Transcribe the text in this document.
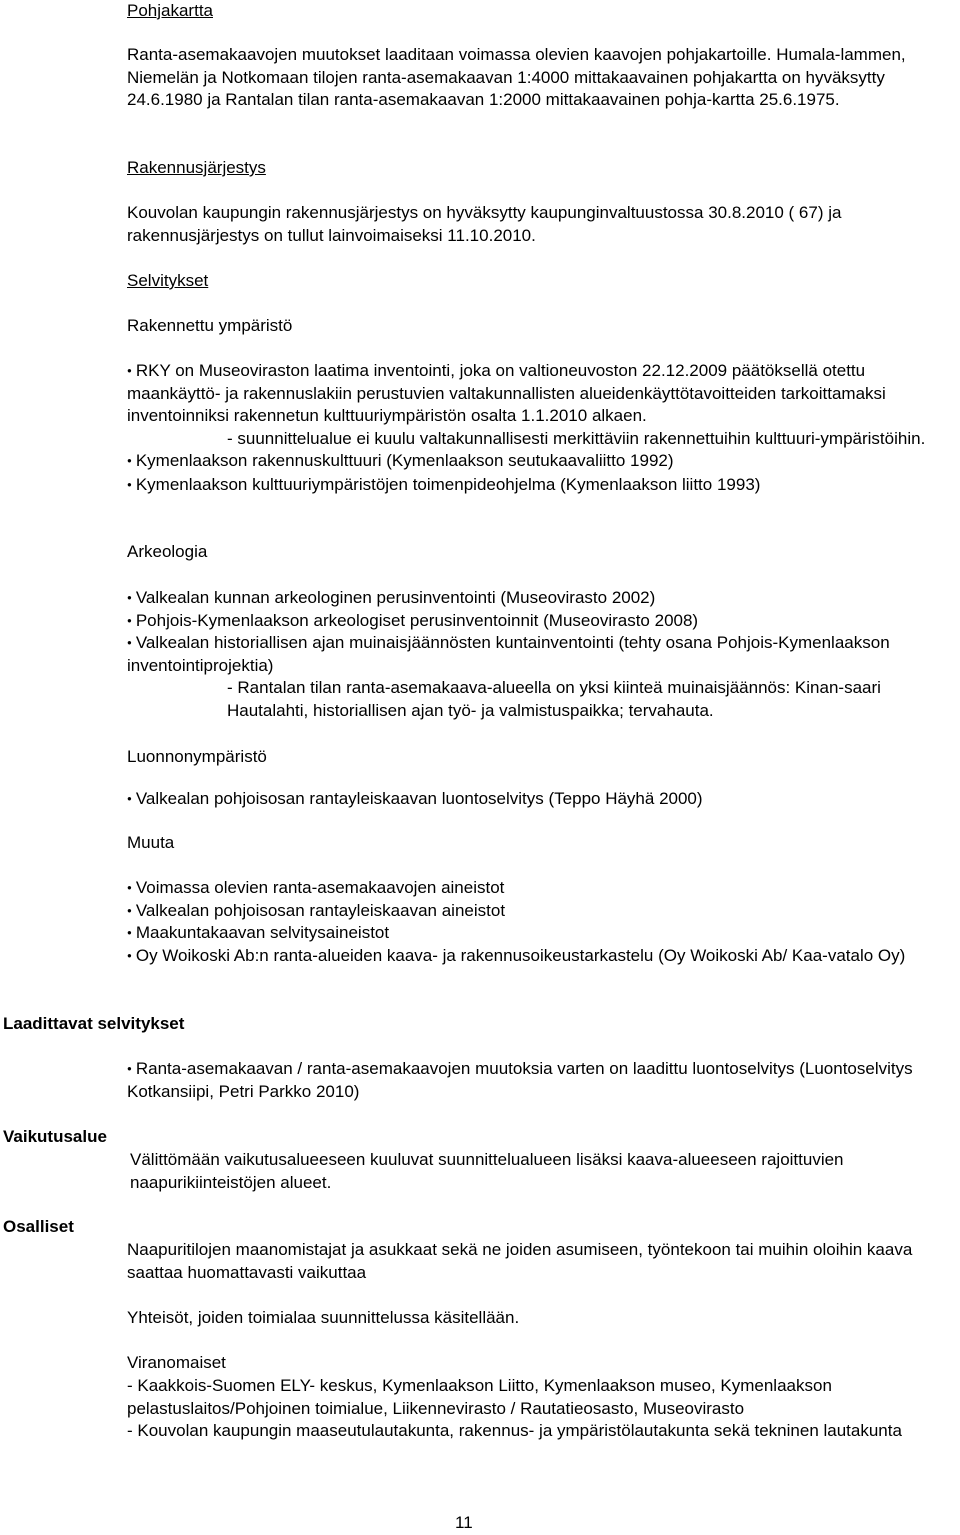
Pohjakartta
Ranta-asemakaavojen muutokset laaditaan voimassa olevien kaavojen pohjakartoille. Humala-lammen, Niemelän ja Notkomaan tilojen ranta-asemakaavan 1:4000 mittakaavainen pohjakartta on hyväksytty 24.6.1980 ja Rantalan tilan ranta-asemakaavan 1:2000 mittakaavainen pohja-kartta 25.6.1975.
Rakennusjärjestys
Kouvolan kaupungin rakennusjärjestys on hyväksytty kaupunginvaltuustossa 30.8.2010 ( 67) ja rakennusjärjestys on tullut lainvoimaiseksi 11.10.2010.
Selvitykset
Rakennettu ympäristö
● RKY on Museoviraston laatima inventointi, joka on valtioneuvoston 22.12.2009 päätöksellä otettu maankäyttö- ja rakennuslakiin perustuvien valtakunnallisten alueidenkäyttötavoitteiden tarkoittamaksi inventoinniksi rakennetun kulttuuriympäristön osalta 1.1.2010 alkaen.
- suunnittelualue ei kuulu valtakunnallisesti merkittäviin rakennettuihin kulttuuri-ympäristöihin.
● Kymenlaakson rakennuskulttuuri (Kymenlaakson seutukaavaliitto 1992)
● Kymenlaakson kulttuuriympäristöjen toimenpideohjelma (Kymenlaakson liitto 1993)
Arkeologia
● Valkealan kunnan arkeologinen perusinventointi (Museovirasto 2002)
● Pohjois-Kymenlaakson arkeologiset perusinventoinnit (Museovirasto 2008)
● Valkealan historiallisen ajan muinaisjäännösten kuntainventointi (tehty osana Pohjois-Kymenlaakson inventointiprojektia)
- Rantalan tilan ranta-asemakaava-alueella on yksi kiinteä muinaisjäännös: Kinan-saari Hautalahti, historiallisen ajan työ- ja valmistuspaikka; tervahauta.
Luonnonympäristö
● Valkealan pohjoisosan rantayleiskaavan luontoselvitys (Teppo Häyhä 2000)
Muuta
● Voimassa olevien ranta-asemakaavojen aineistot
● Valkealan pohjoisosan rantayleiskaavan aineistot
● Maakuntakaavan selvitysaineistot
● Oy Woikoski Ab:n ranta-alueiden kaava- ja rakennusoikeustarkastelu (Oy Woikoski Ab/ Kaa-vatalo Oy)
Laadittavat selvitykset
● Ranta-asemakaavan / ranta-asemakaavojen muutoksia varten on laadittu luontoselvitys (Luontoselvitys Kotkansiipi, Petri Parkko 2010)
Vaikutusalue
Välittömään vaikutusalueeseen kuuluvat suunnittelualueen lisäksi kaava-alueeseen rajoittuvien naapurikiinteistöjen alueet.
Osalliset
Naapuritilojen maanomistajat ja asukkaat sekä ne joiden asumiseen, työntekoon tai muihin oloihin kaava saattaa huomattavasti vaikuttaa
Yhteisöt, joiden toimialaa suunnittelussa käsitellään.
Viranomaiset
- Kaakkois-Suomen ELY- keskus, Kymenlaakson Liitto, Kymenlaakson museo, Kymenlaakson pelastuslaitos/Pohjoinen toimialue, Liikennevirasto / Rautatieosasto, Museovirasto
- Kouvolan kaupungin maaseutulautakunta, rakennus- ja ympäristölautakunta sekä tekninen lautakunta
11
